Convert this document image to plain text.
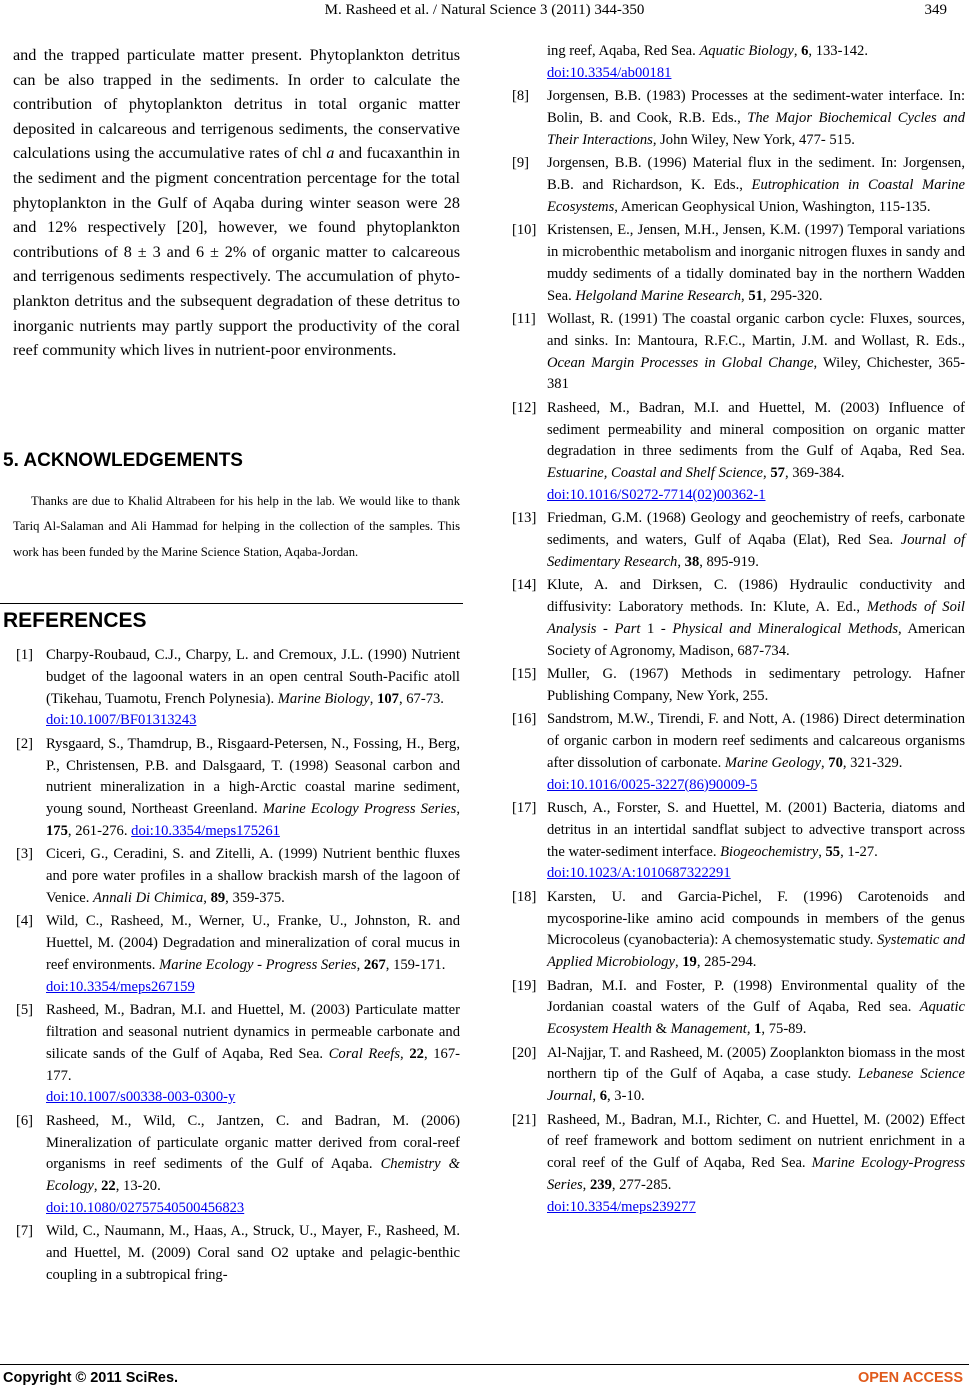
M. Rasheed et al. / Natural Science 3 (2011) 344-350	349
and the trapped particulate matter present. Phytoplankton detritus can be also trapped in the sediments. In order to calculate the contribution of phytoplankton detritus in total organic matter deposited in calcareous and terrigenous sediments, the conservative calculations using the accumulative rates of chl a and fucaxanthin in the sediment and the pigment concentration percentage for the total phytoplankton in the Gulf of Aqaba during winter season were 28 and 12% respectively [20], however, we found phytoplankton contributions of 8 ± 3 and 6 ± 2% of organic matter to calcareous and terrigenous sediments respectively. The accumulation of phytoplankton detritus and the subsequent degradation of these detritus to inorganic nutrients may partly support the productivity of the coral reef community which lives in nutrient-poor environments.
5. ACKNOWLEDGEMENTS
Thanks are due to Khalid Altrabeen for his help in the lab. We would like to thank Tariq Al-Salaman and Ali Hammad for helping in the collection of the samples. This work has been funded by the Marine Science Station, Aqaba-Jordan.
REFERENCES
[1] Charpy-Roubaud, C.J., Charpy, L. and Cremoux, J.L. (1990) Nutrient budget of the lagoonal waters in an open central South-Pacific atoll (Tikehau, Tuamotu, French Polynesia). Marine Biology, 107, 67-73.
doi:10.1007/BF01313243
[2] Rysgaard, S., Thamdrup, B., Risgaard-Petersen, N., Fossing, H., Berg, P., Christensen, P.B. and Dalsgaard, T. (1998) Seasonal carbon and nutrient mineralization in a high-Arctic coastal marine sediment, young sound, Northeast Greenland. Marine Ecology Progress Series, 175, 261-276. doi:10.3354/meps175261
[3] Ciceri, G., Ceradini, S. and Zitelli, A. (1999) Nutrient benthic fluxes and pore water profiles in a shallow brackish marsh of the lagoon of Venice. Annali Di Chimica, 89, 359-375.
[4] Wild, C., Rasheed, M., Werner, U., Franke, U., Johnston, R. and Huettel, M. (2004) Degradation and mineralization of coral mucus in reef environments. Marine Ecology - Progress Series, 267, 159-171.
doi:10.3354/meps267159
[5] Rasheed, M., Badran, M.I. and Huettel, M. (2003) Particulate matter filtration and seasonal nutrient dynamics in permeable carbonate and silicate sands of the Gulf of Aqaba, Red Sea. Coral Reefs, 22, 167-177.
doi:10.1007/s00338-003-0300-y
[6] Rasheed, M., Wild, C., Jantzen, C. and Badran, M. (2006) Mineralization of particulate organic matter derived from coral-reef organisms in reef sediments of the Gulf of Aqaba. Chemistry & Ecology, 22, 13-20.
doi:10.1080/02757540500456823
[7] Wild, C., Naumann, M., Haas, A., Struck, U., Mayer, F., Rasheed, M. and Huettel, M. (2009) Coral sand O2 uptake and pelagic-benthic coupling in a subtropical fring-
ing reef, Aqaba, Red Sea. Aquatic Biology, 6, 133-142.
doi:10.3354/ab00181
[8] Jorgensen, B.B. (1983) Processes at the sediment-water interface. In: Bolin, B. and Cook, R.B. Eds., The Major Biochemical Cycles and Their Interactions, John Wiley, New York, 477- 515.
[9] Jorgensen, B.B. (1996) Material flux in the sediment. In: Jorgensen, B.B. and Richardson, K. Eds., Eutrophication in Coastal Marine Ecosystems, American Geophysical Union, Washington, 115-135.
[10] Kristensen, E., Jensen, M.H., Jensen, K.M. (1997) Temporal variations in microbenthic metabolism and inorganic nitrogen fluxes in sandy and muddy sediments of a tidally dominated bay in the northern Wadden Sea. Helgoland Marine Research, 51, 295-320.
[11] Wollast, R. (1991) The coastal organic carbon cycle: Fluxes, sources, and sinks. In: Mantoura, R.F.C., Martin, J.M. and Wollast, R. Eds., Ocean Margin Processes in Global Change, Wiley, Chichester, 365-381
[12] Rasheed, M., Badran, M.I. and Huettel, M. (2003) Influence of sediment permeability and mineral composition on organic matter degradation in three sediments from the Gulf of Aqaba, Red Sea. Estuarine, Coastal and Shelf Science, 57, 369-384.
doi:10.1016/S0272-7714(02)00362-1
[13] Friedman, G.M. (1968) Geology and geochemistry of reefs, carbonate sediments, and waters, Gulf of Aqaba (Elat), Red Sea. Journal of Sedimentary Research, 38, 895-919.
[14] Klute, A. and Dirksen, C. (1986) Hydraulic conductivity and diffusivity: Laboratory methods. In: Klute, A. Ed., Methods of Soil Analysis - Part 1 - Physical and Mineralogical Methods, American Society of Agronomy, Madison, 687-734.
[15] Muller, G. (1967) Methods in sedimentary petrology. Hafner Publishing Company, New York, 255.
[16] Sandstrom, M.W., Tirendi, F. and Nott, A. (1986) Direct determination of organic carbon in modern reef sediments and calcareous organisms after dissolution of carbonate. Marine Geology, 70, 321-329.
doi:10.1016/0025-3227(86)90009-5
[17] Rusch, A., Forster, S. and Huettel, M. (2001) Bacteria, diatoms and detritus in an intertidal sandflat subject to advective transport across the water-sediment interface. Biogeochemistry, 55, 1-27.
doi:10.1023/A:1010687322291
[18] Karsten, U. and Garcia-Pichel, F. (1996) Carotenoids and mycosporine-like amino acid compounds in members of the genus Microcoleus (cyanobacteria): A chemosystematic study. Systematic and Applied Microbiology, 19, 285-294.
[19] Badran, M.I. and Foster, P. (1998) Environmental quality of the Jordanian coastal waters of the Gulf of Aqaba, Red sea. Aquatic Ecosystem Health & Management, 1, 75-89.
[20] Al-Najjar, T. and Rasheed, M. (2005) Zooplankton biomass in the most northern tip of the Gulf of Aqaba, a case study. Lebanese Science Journal, 6, 3-10.
[21] Rasheed, M., Badran, M.I., Richter, C. and Huettel, M. (2002) Effect of reef framework and bottom sediment on nutrient enrichment in a coral reef of the Gulf of Aqaba, Red Sea. Marine Ecology-Progress Series, 239, 277-285.
doi:10.3354/meps239277
Copyright © 2011 SciRes.	OPEN ACCESS
